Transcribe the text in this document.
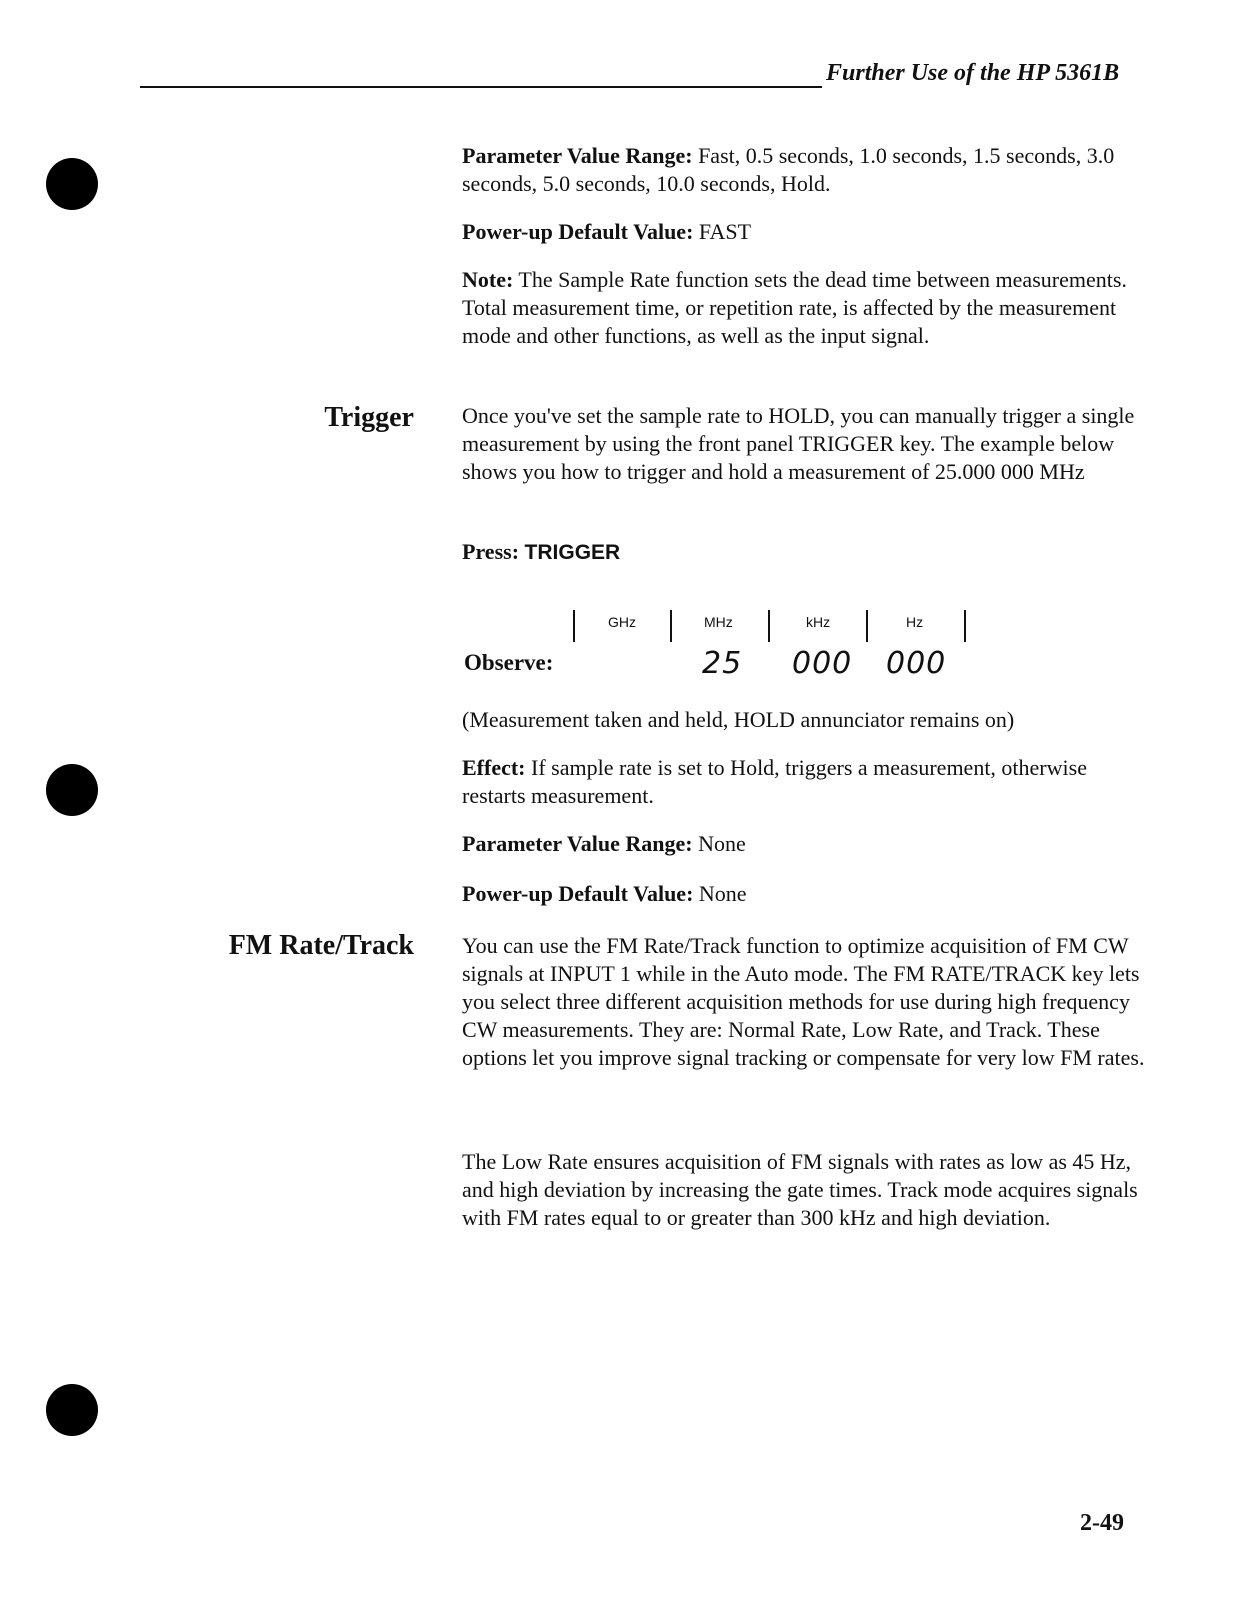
Further Use of the HP 5361B
Parameter Value Range: Fast, 0.5 seconds, 1.0 seconds, 1.5 seconds, 3.0 seconds, 5.0 seconds, 10.0 seconds, Hold.
Power-up Default Value: FAST
Note: The Sample Rate function sets the dead time between measurements. Total measurement time, or repetition rate, is affected by the measurement mode and other functions, as well as the input signal.
Trigger Once you've set the sample rate to HOLD, you can manually trigger a single measurement by using the front panel TRIGGER key. The example below shows you how to trigger and hold a measurement of 25.000 000 MHz
Press: TRIGGER
GHz	MHz	kHz	Hz
Observe:	25 000 000
(Measurement taken and held, HOLD annunciator remains on)
Effect: If sample rate is set to Hold, triggers a measurement, otherwise restarts measurement.
Parameter Value Range: None
Power-up Default Value: None
FM Rate/Track You can use the FM Rate/Track function to optimize acquisition of FM CW signals at INPUT 1 while in the Auto mode. The FM RATE/TRACK key lets you select three different acquisition methods for use during high frequency CW measurements. They are: Normal Rate, Low Rate, and Track. These options let you improve signal tracking or compensate for very low FM rates.
The Low Rate ensures acquisition of FM signals with rates as low as 45 Hz, and high deviation by increasing the gate times. Track mode acquires signals with FM rates equal to or greater than 300 kHz and high deviation.
2-49
